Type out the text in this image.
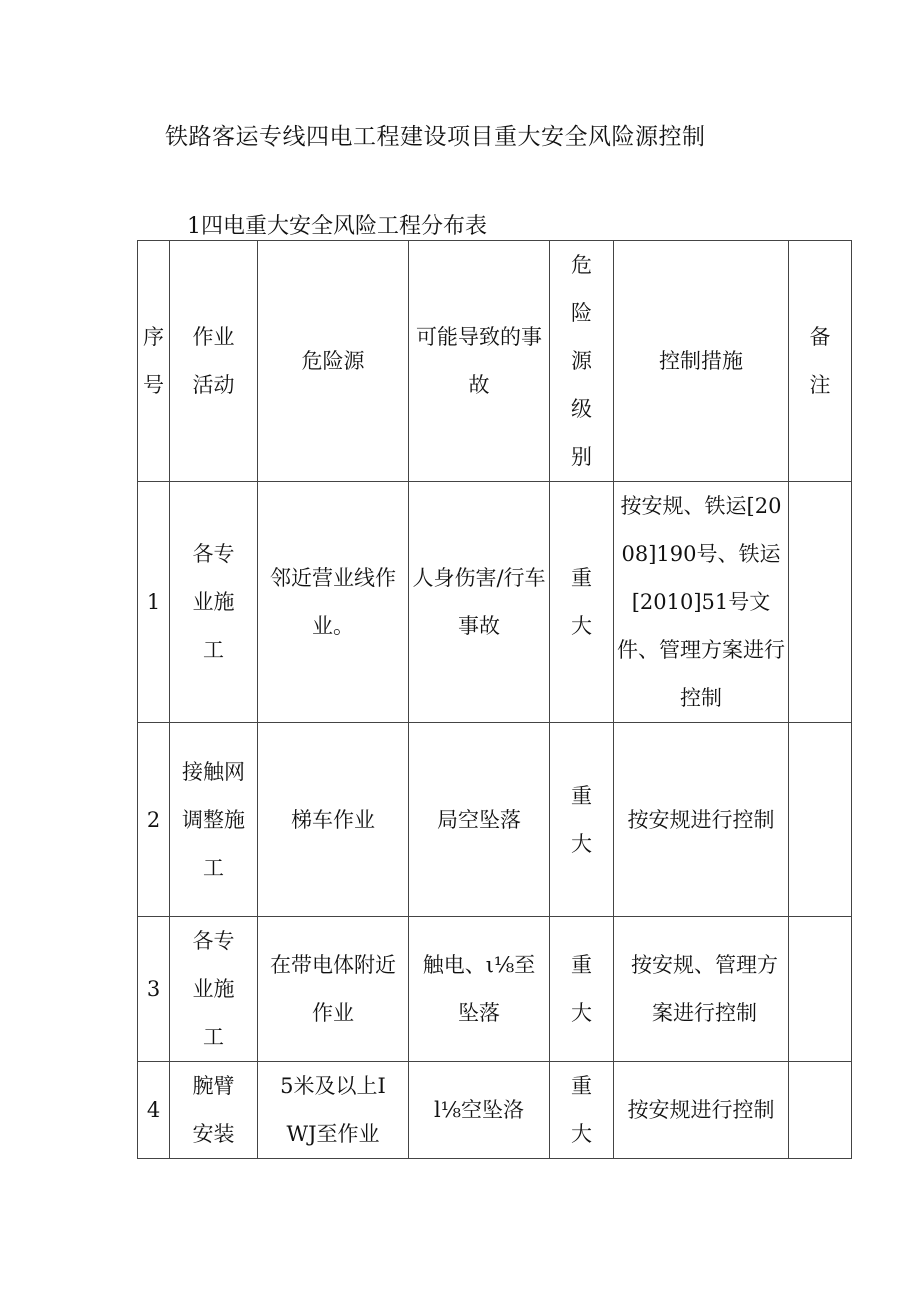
铁路客运专线四电工程建设项目重大安全风险源控制
1四电重大安全风险工程分布表
序号	作业活动	危险源	可能导致的事故	危险源级别	控制措施	备注

1	各专业施工	邻近营业线作业。	人身伤害/行车事故	重大	按安规、铁运[2008]190号、铁运[2010]51号文件、管理方案进行控制	
2	接触网调整施工	梯车作业	局空坠落	重大	按安规进行控制	
3	各专业施工	在带电体附近作业	触电、ι⅛至坠落	重大	按安规、管理方案进行控制	

4	腕臂安装	5米及以上IWJ至作业	l⅛空坠洛	重大	按安规进行控制	
